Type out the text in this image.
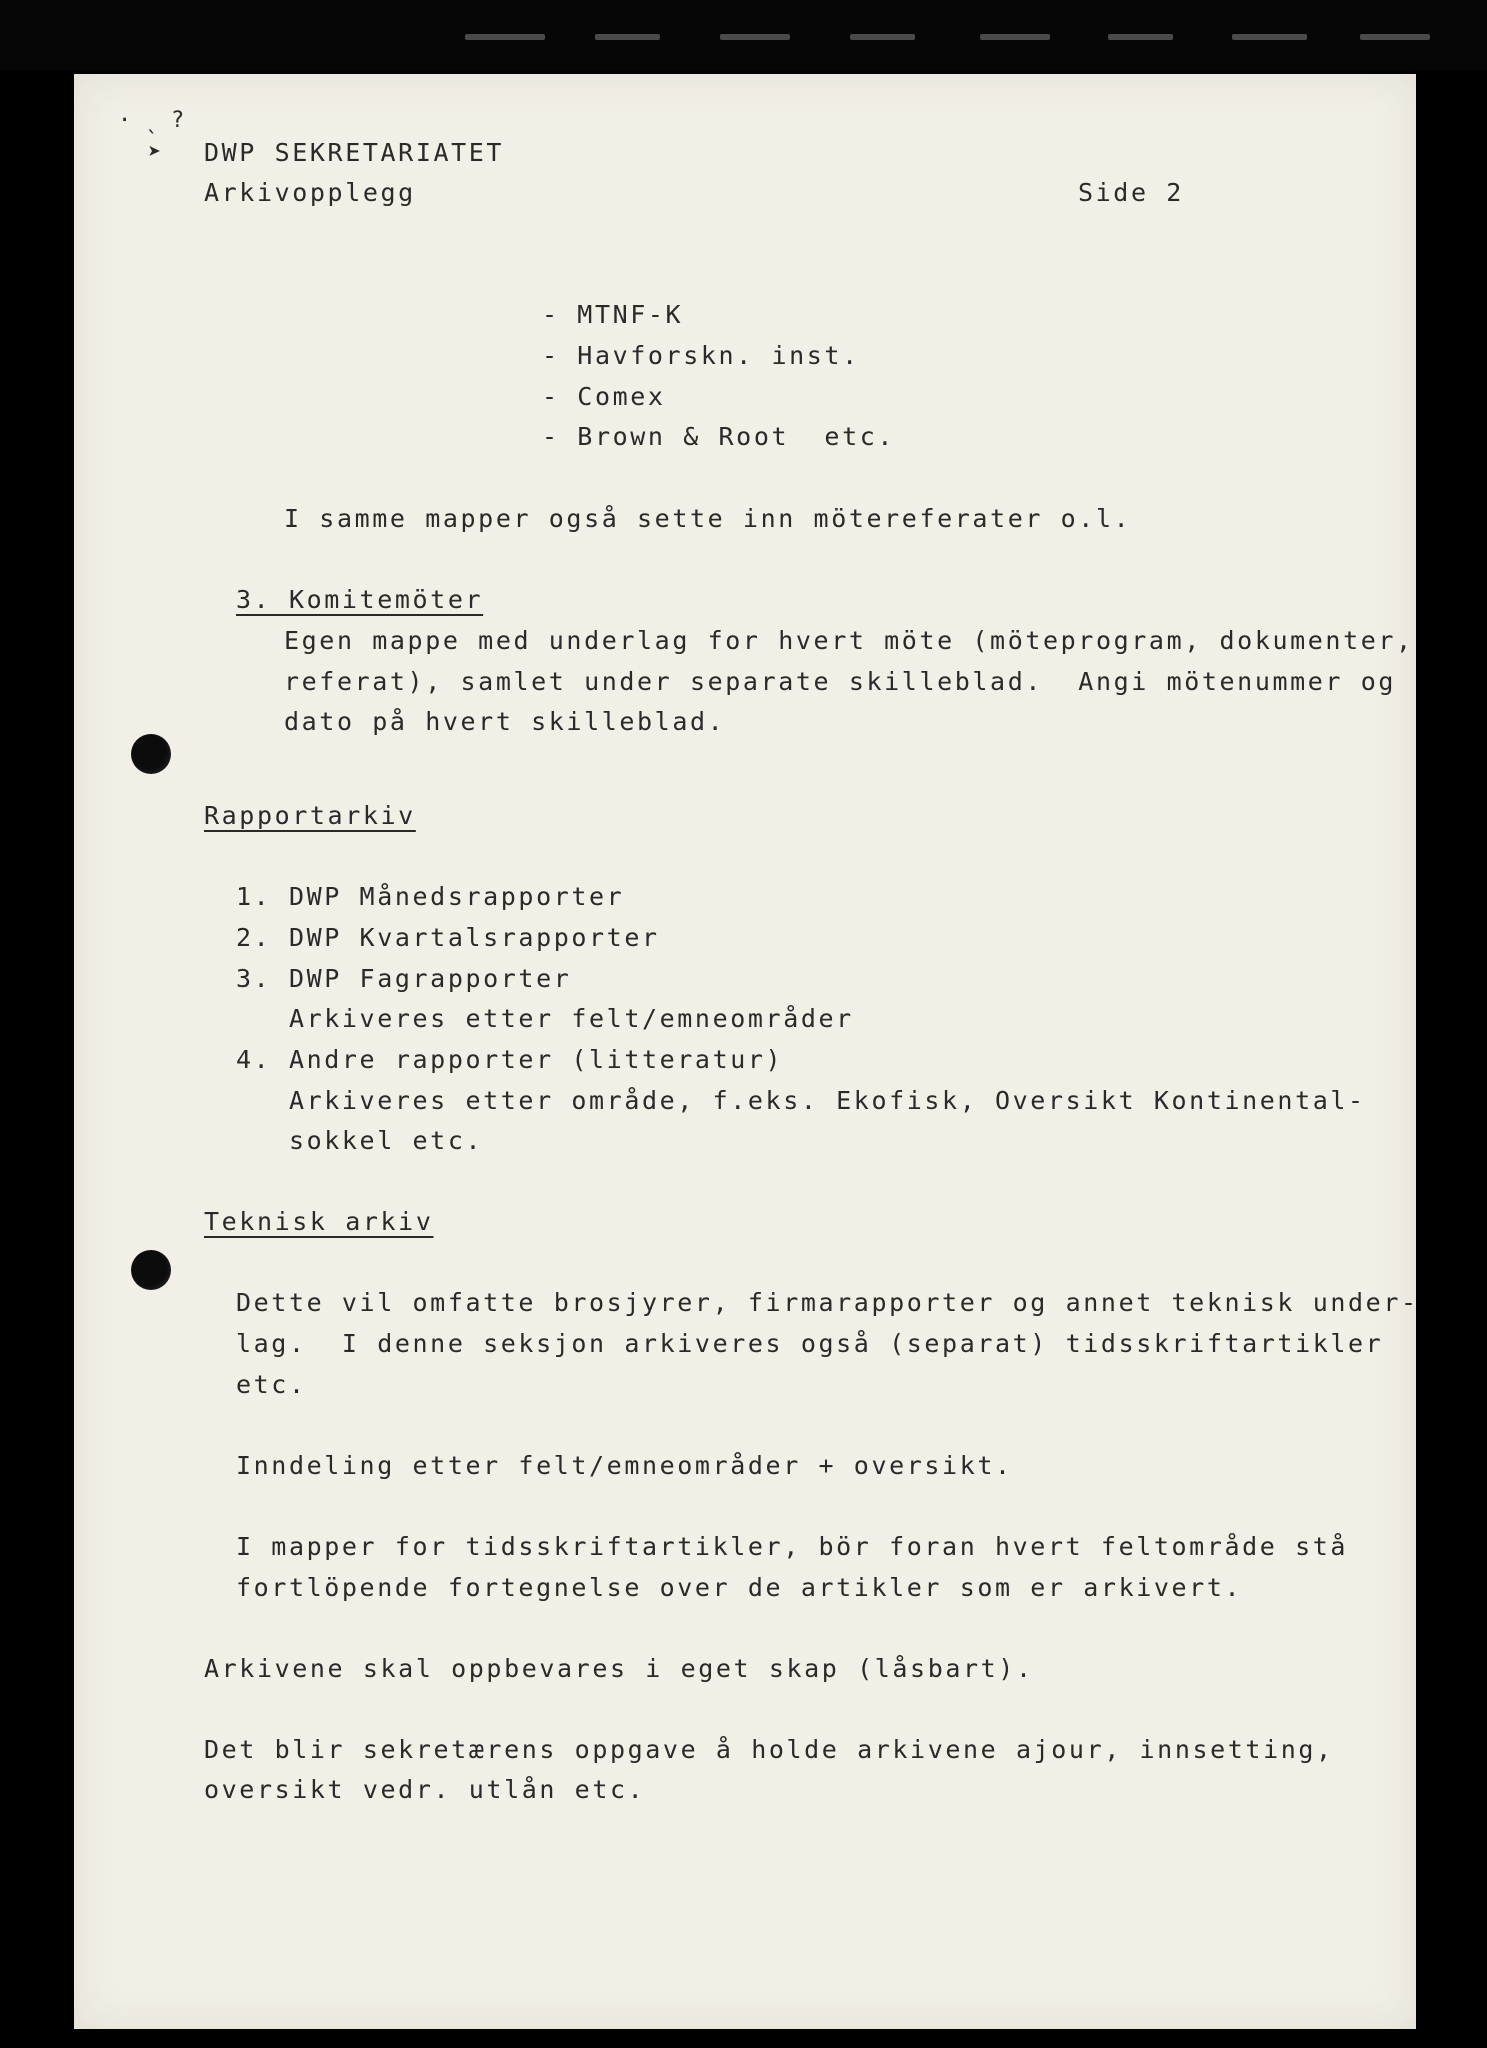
· ˎ ?
➤ DWP SEKRETARIATET
Arkivopplegg	Side 2
- MTNF-K
- Havforskn. inst.
- Comex
- Brown & Root  etc.
I samme mapper også sette inn mötereferater o.l.
3. Komitemöter
Egen mappe med underlag for hvert möte (möteprogram, dokumenter,
referat), samlet under separate skilleblad.  Angi mötenummer og
dato på hvert skilleblad.
Rapportarkiv
1. DWP Månedsrapporter
2. DWP Kvartalsrapporter
3. DWP Fagrapporter
Arkiveres etter felt/emneområder
4. Andre rapporter (litteratur)
Arkiveres etter område, f.eks. Ekofisk, Oversikt Kontinental-
sokkel etc.
Teknisk arkiv
Dette vil omfatte brosjyrer, firmarapporter og annet teknisk under-
lag.  I denne seksjon arkiveres også (separat) tidsskriftartikler
etc.
Inndeling etter felt/emneområder + oversikt.
I mapper for tidsskriftartikler, bör foran hvert feltområde stå
fortlöpende fortegnelse over de artikler som er arkivert.
Arkivene skal oppbevares i eget skap (låsbart).
Det blir sekretærens oppgave å holde arkivene ajour, innsetting,
oversikt vedr. utlån etc.
